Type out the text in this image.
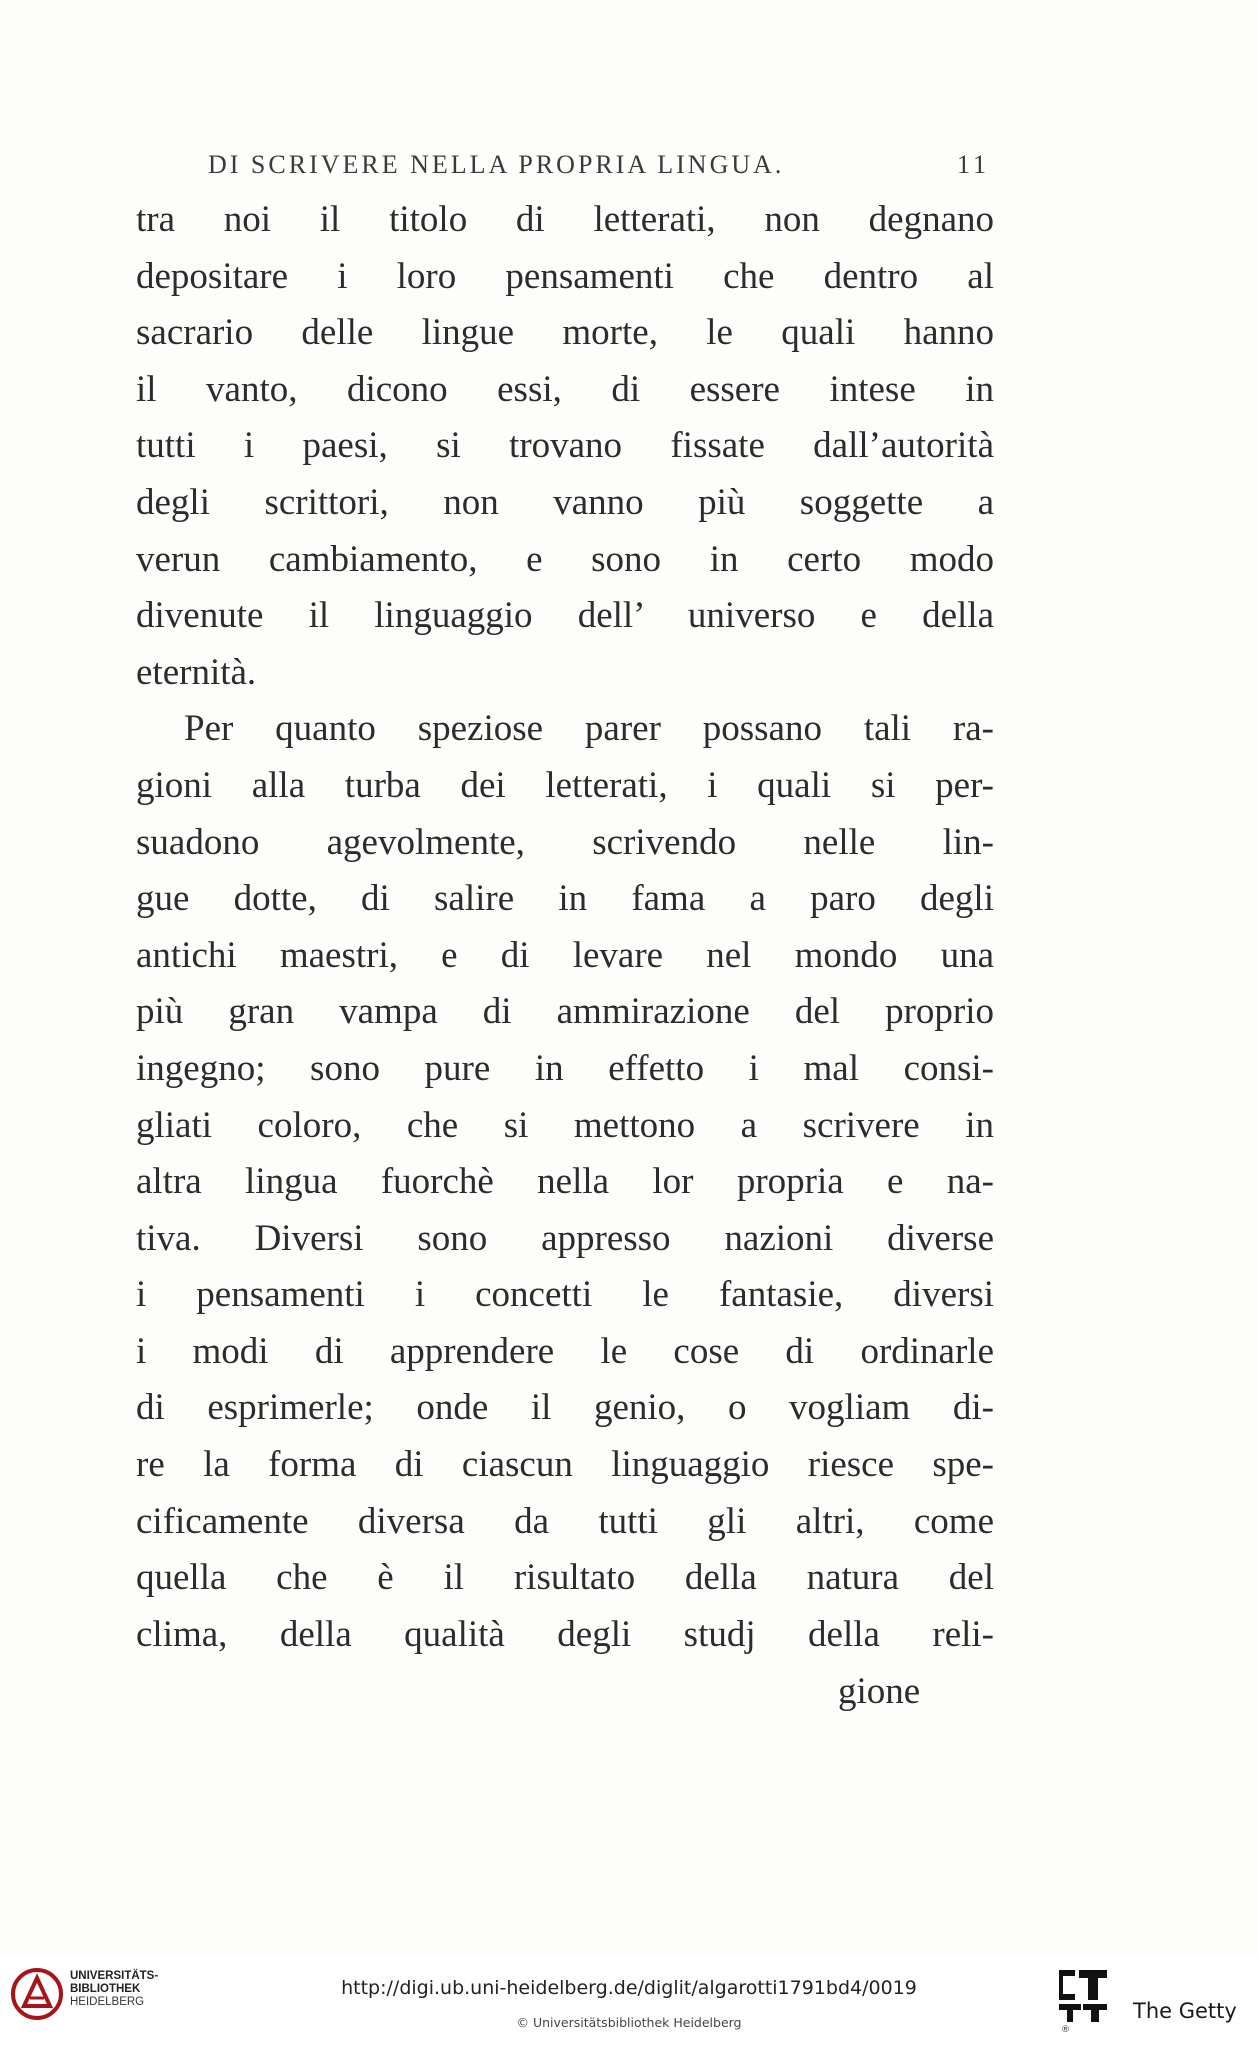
DI SCRIVERE NELLA PROPRIA LINGUA.	11
tra noi il titolo di letterati, non degnano
depositare i loro pensamenti che dentro al
sacrario delle lingue morte, le quali hanno
il vanto, dicono essi, di essere intese in
tutti i paesi, si trovano fissate dall’autorità
degli scrittori, non vanno più soggette a
verun cambiamento, e sono in certo modo
divenute il linguaggio dell’ universo e della
eternità.
Per quanto speziose parer possano tali ra-
gioni alla turba dei letterati, i quali si per-
suadono agevolmente, scrivendo nelle lin-
gue dotte, di salire in fama a paro degli
antichi maestri, e di levare nel mondo una
più gran vampa di ammirazione del proprio
ingegno; sono pure in effetto i mal consi-
gliati coloro, che si mettono a scrivere in
altra lingua fuorchè nella lor propria e na-
tiva. Diversi sono appresso nazioni diverse
i pensamenti i concetti le fantasie, diversi
i modi di apprendere le cose di ordinarle
di esprimerle; onde il genio, o vogliam di-
re la forma di ciascun linguaggio riesce spe-
cificamente diversa da tutti gli altri, come
quella che è il risultato della natura del
clima, della qualità degli studj della reli-
gione
UNIVERSITÄTS-
BIBLIOTHEK
HEIDELBERG
http://digi.ub.uni-heidelberg.de/diglit/algarotti1791bd4/0019
© Universitätsbibliothek Heidelberg	The Getty
®
